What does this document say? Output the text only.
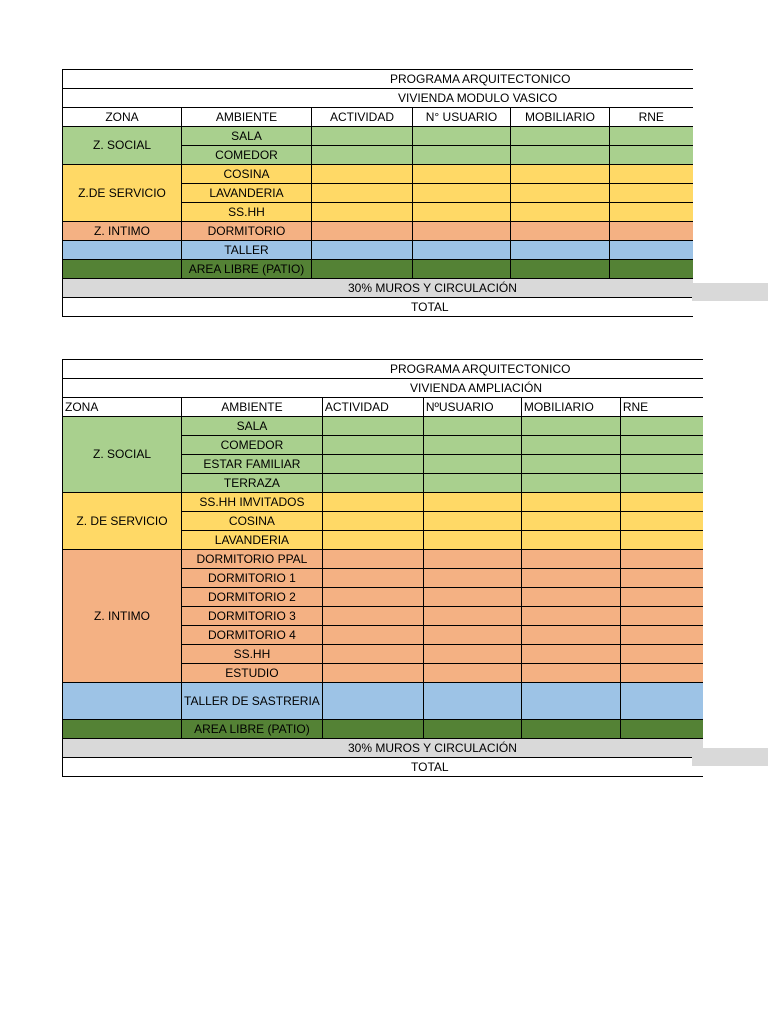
PROGRAMA ARQUITECTONICO					
VIVIENDA MODULO VASICO					
ZONA	AMBIENTE	ACTIVIDAD	N° USUARIO	MOBILIARIO	RNE
Z. SOCIAL	SALA				
	COMEDOR				
Z.DE SERVICIO	COSINA				
	LAVANDERIA				
	SS.HH				
Z. INTIMO	DORMITORIO				
	TALLER				
	AREA LIBRE (PATIO)				
30% MUROS Y CIRCULACIÓN					
TOTAL					
PROGRAMA ARQUITECTONICO					
VIVIENDA AMPLIACIÓN					
ZONA	AMBIENTE	ACTIVIDAD	NºUSUARIO	MOBILIARIO	RNE
Z. SOCIAL	SALA				
	COMEDOR				
	ESTAR FAMILIAR				
	TERRAZA				
Z. DE SERVICIO	SS.HH IMVITADOS				
	COSINA				
	LAVANDERIA				
Z. INTIMO	DORMITORIO PPAL				
	DORMITORIO 1				
	DORMITORIO 2				
	DORMITORIO 3				
	DORMITORIO 4				
	SS.HH				
	ESTUDIO				
	TALLER DE SASTRERIA				
	AREA LIBRE (PATIO)				
30% MUROS Y CIRCULACIÓN					
TOTAL					
